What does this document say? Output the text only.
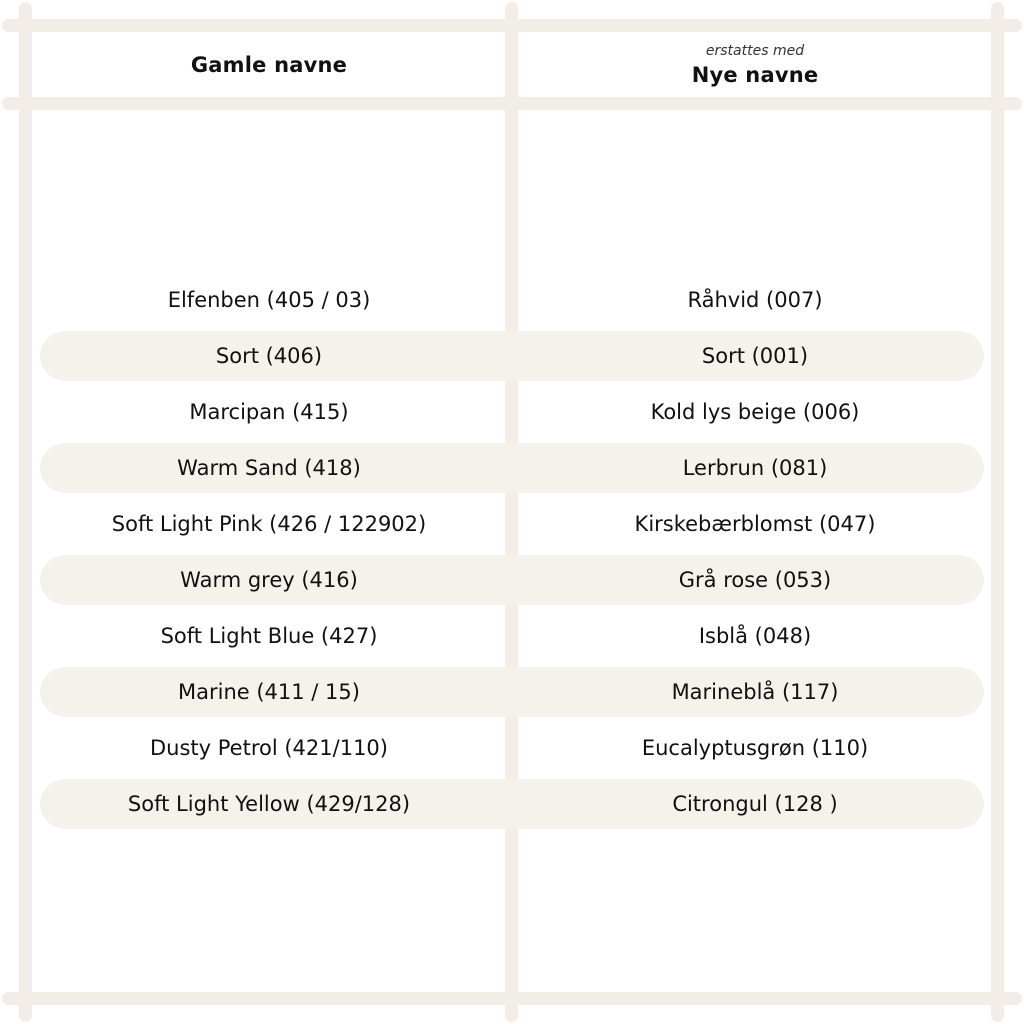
Gamle navne
erstattes med
Nye navne
Elfenben (405 / 03)	Råhvid (007)
Sort (406)	Sort (001)
Marcipan (415)	Kold lys beige (006)
Warm Sand (418)	Lerbrun (081)
Soft Light Pink (426 / 122902)	Kirskebærblomst (047)
Warm grey (416)	Grå rose (053)
Soft Light Blue (427)	Isblå (048)
Marine (411 / 15)	Marineblå (117)
Dusty Petrol (421/110)	Eucalyptusgrøn (110)
Soft Light Yellow (429/128)	Citrongul (128 )
